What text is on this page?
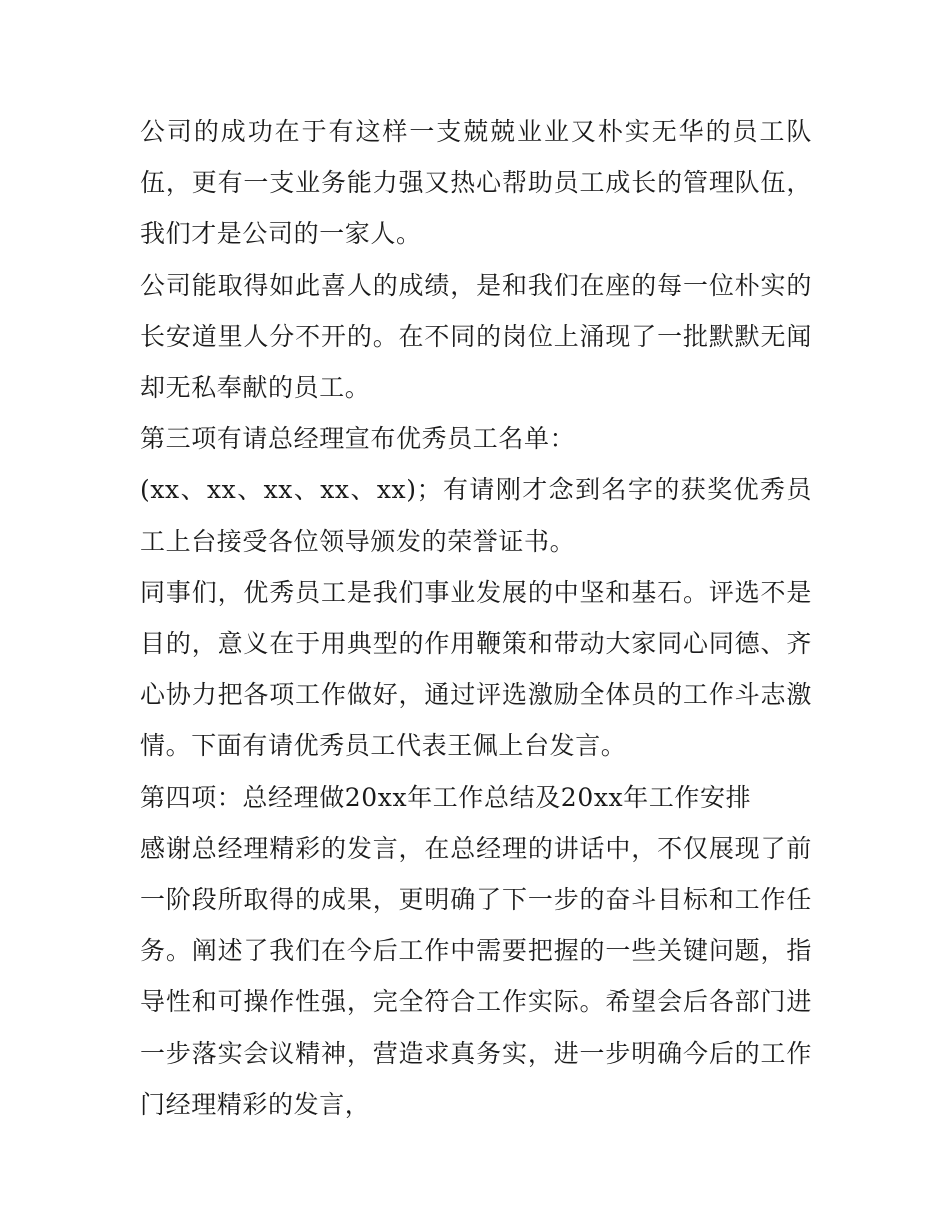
公司的成功在于有这样一支兢兢业业又朴实无华的员工队伍，更有一支业务能力强又热心帮助员工成长的管理队伍，我们才是公司的一家人。

公司能取得如此喜人的成绩，是和我们在座的每一位朴实的长安道里人分不开的。在不同的岗位上涌现了一批默默无闻却无私奉献的员工。

第三项有请总经理宣布优秀员工名单：

(xx、xx、xx、xx、xx)；有请刚才念到名字的获奖优秀员工上台接受各位领导颁发的荣誉证书。

同事们，优秀员工是我们事业发展的中坚和基石。评选不是目的，意义在于用典型的作用鞭策和带动大家同心同德、齐心协力把各项工作做好，通过评选激励全体员的工作斗志激情。下面有请优秀员工代表王佩上台发言。

第四项：总经理做20xx年工作总结及20xx年工作安排

感谢总经理精彩的发言，在总经理的讲话中，不仅展现了前一阶段所取得的成果，更明确了下一步的奋斗目标和工作任务。阐述了我们在今后工作中需要把握的一些关键问题，指导性和可操作性强，完全符合工作实际。希望会后各部门进一步落实会议精神，营造求真务实，进一步明确今后的工作门经理精彩的发言，
